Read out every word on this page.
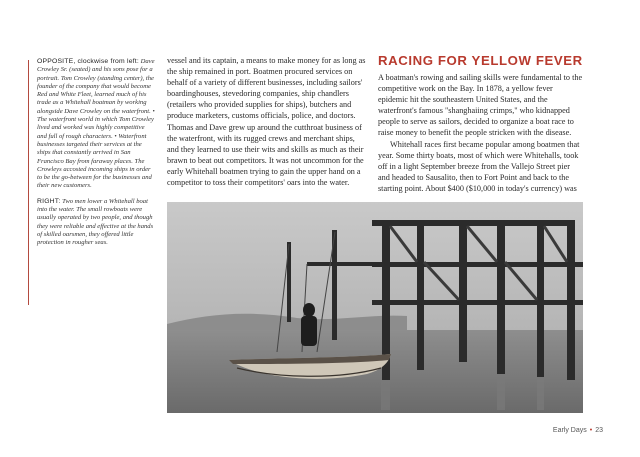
OPPOSITE, clockwise from left: Dave Crowley Sr. (seated) and his sons pose for a portrait. Tom Crowley (standing center), the founder of the company that would become Red and White Fleet, learned much of his trade as a Whitehall boatman by working alongside Dave Crowley on the waterfront. • The waterfront world in which Tom Crowley lived and worked was highly competitive and full of rough characters. • Waterfront businesses targeted their services at the ships that constantly arrived in San Francisco Bay from faraway places. The Crowleys accosted incoming ships in order to be the go-between for the businesses and their new customers.

RIGHT: Two men lower a Whitehall boat into the water. The small rowboats were usually operated by two people, and though they were reliable and effective at the hands of skilled oarsmen, they offered little protection in rougher seas.

vessel and its captain, a means to make money for as long as the ship remained in port. Boatmen procured services on behalf of a variety of different businesses, including sailors' boardinghouses, stevedoring companies, ship chandlers (retailers who provided supplies for ships), butchers and produce marketers, customs officials, police, and doctors. Thomas and Dave grew up around the cutthroat business of the waterfront, with its rugged crews and merchant ships, and they learned to use their wits and skills as much as their brawn to beat out competitors. It was not uncommon for the early Whitehall boatmen trying to gain the upper hand on a competitor to toss their competitors' oars into the water.

RACING FOR YELLOW FEVER

A boatman's rowing and sailing skills were fundamental to the competitive work on the Bay. In 1878, a yellow fever epidemic hit the southeastern United States, and the waterfront's famous "shanghaiing crimps," who kidnapped people to serve as sailors, decided to organize a boat race to raise money to benefit the people stricken with the disease.

Whitehall races first became popular among boatmen that year. Some thirty boats, most of which were Whitehalls, took off in a light September breeze from the Vallejo Street pier and headed to Sausalito, then to Fort Point and back to the starting point. About $400 ($10,000 in today's currency) was

Early Days • 23
